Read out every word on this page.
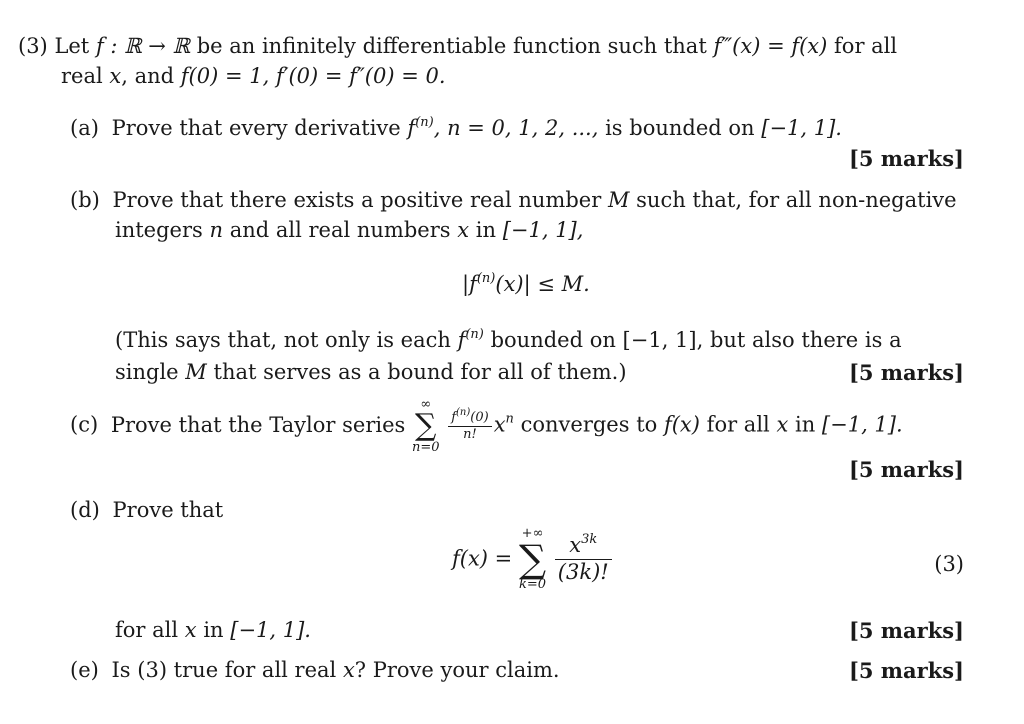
(3) Let f : ℝ → ℝ be an infinitely differentiable function such that f‴(x) = f(x) for all
real x, and f(0) = 1, f′(0) = f″(0) = 0.
(a) Prove that every derivative $f^{(n)}$, n = 0, 1, 2, ..., is bounded on [−1, 1].
[5 marks]
(b) Prove that there exists a positive real number M such that, for all non-negative
integers n and all real numbers x in [−1, 1],
$|f^{(n)}(x)| \le M$.
(This says that, not only is each $f^{(n)}$ bounded on [−1, 1], but also there is a
single M that serves as a bound for all of them.)	[5 marks]
(c) Prove that the Taylor series
∞
∑
n=0

$\frac{f^{(n)}(0)}{n!} x^n$ converges to f(x) for all x in [−1, 1].
[5 marks]
(d) Prove that
f(x) =
+∞
∑
k=0
$\frac{x^{3k}}{(3k)!}$	(3)
for all x in [−1, 1].	[5 marks]
(e) Is (3) true for all real x? Prove your claim.	[5 marks]
